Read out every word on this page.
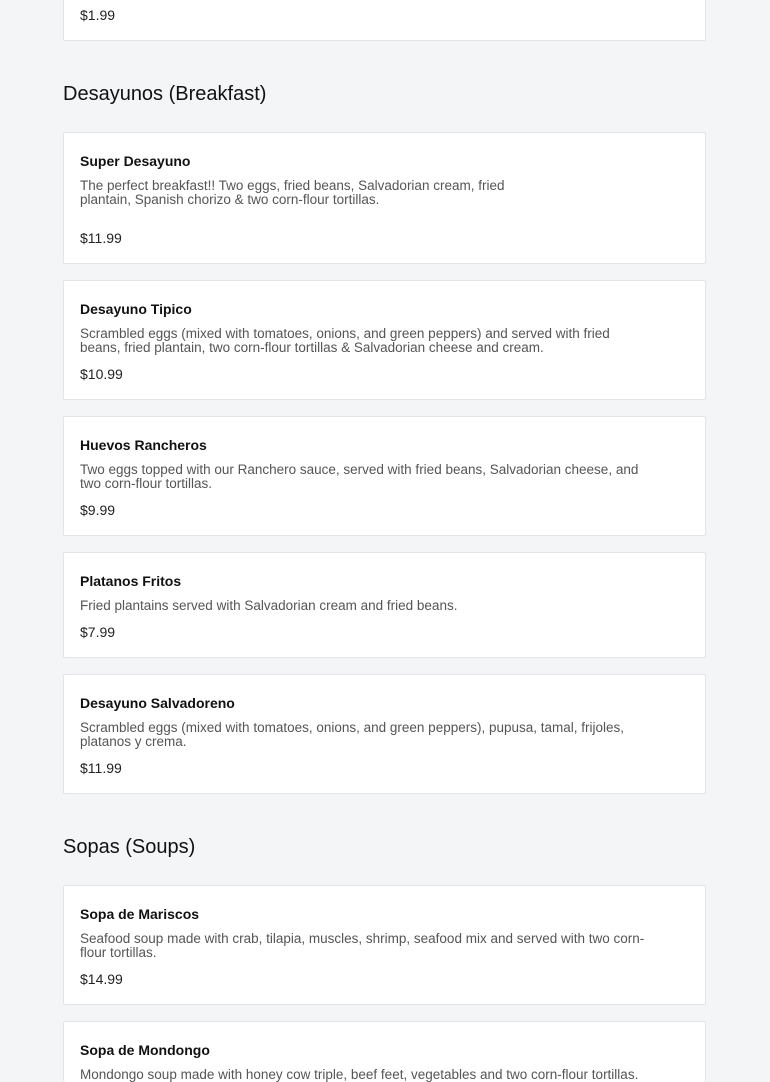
$1.99
Desayunos (Breakfast)
Super Desayuno
The perfect breakfast!! Two eggs, fried beans, Salvadorian cream, fried
plantain, Spanish chorizo & two corn-flour tortillas.
$11.99
Desayuno Tipico
Scrambled eggs (mixed with tomatoes, onions, and green peppers) and served with fried
beans, fried plantain, two corn-flour tortillas & Salvadorian cheese and cream.
$10.99
Huevos Rancheros
Two eggs topped with our Ranchero sauce, served with fried beans, Salvadorian cheese, and
two corn-flour tortillas.
$9.99
Platanos Fritos
Fried plantains served with Salvadorian cream and fried beans.
$7.99
Desayuno Salvadoreno
Scrambled eggs (mixed with tomatoes, onions, and green peppers), pupusa, tamal, frijoles,
platanos y crema.
$11.99
Sopas (Soups)
Sopa de Mariscos
Seafood soup made with crab, tilapia, muscles, shrimp, seafood mix and served with two corn-
flour tortillas.
$14.99
Sopa de Mondongo
Mondongo soup made with honey cow triple, beef feet, vegetables and two corn-flour tortillas.
